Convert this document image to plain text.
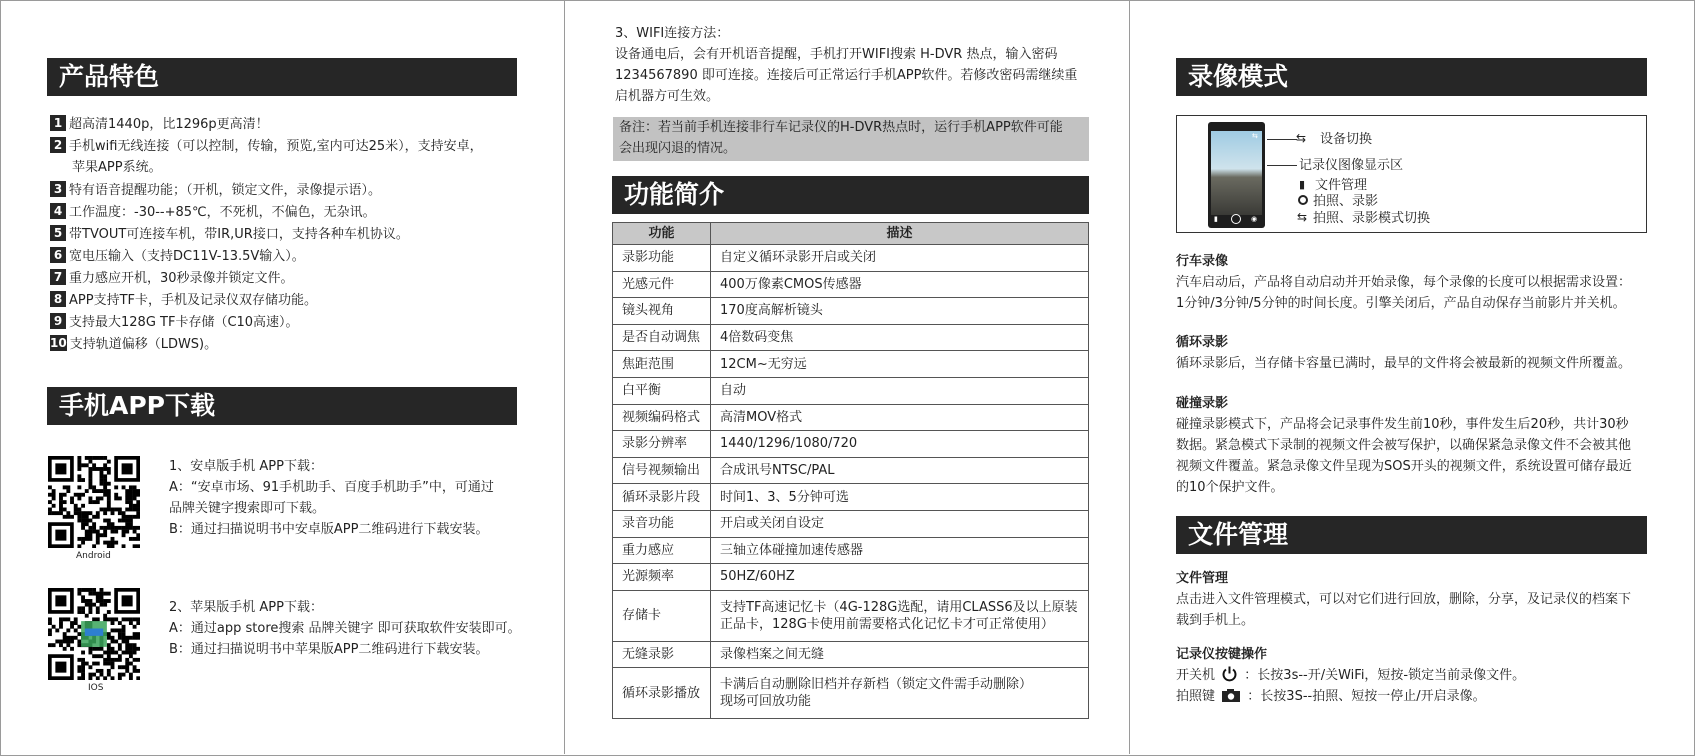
产品特色
1 超高清1440p，比1296p更高清！
2 手机wifi无线连接（可以控制，传输，预览,室内可达25米），支持安卓，
苹果APP系统。
3 特有语音提醒功能；（开机，锁定文件，录像提示语）。
4 工作温度：-30--+85℃，不死机，不偏色，无杂讯。
5 带TVOUT可连接车机，带IR,UR接口，支持各种车机协议。
6 宽电压输入（支持DC11V-13.5V输入）。
7 重力感应开机，30秒录像并锁定文件。
8 APP支持TF卡，手机及记录仪双存储功能。
9 支持最大128G TF卡存储（C10高速）。
10 支持轨道偏移（LDWS)。
手机APP下载
Android
1、安卓版手机 APP下载：
A：“安卓市场、91手机助手、百度手机助手”中，可通过
品牌关键字搜索即可下载。
B：通过扫描说明书中安卓版APP二维码进行下载安装。
IOS
2、苹果版手机 APP下载：
A：通过app store搜索 品牌关键字 即可获取软件安装即可。
B：通过扫描说明书中苹果版APP二维码进行下载安装。
3、WIFI连接方法：
设备通电后，会有开机语音提醒，手机打开WIFI搜索 H-DVR 热点，输入密码
1234567890 即可连接。连接后可正常运行手机APP软件。若修改密码需继续重
启机器方可生效。
备注：若当前手机连接非行车记录仪的H-DVR热点时，运行手机APP软件可能
会出现闪退的情况。
功能简介
功能	描述
录影功能	自定义循环录影开启或关闭

光感元件	400万像素CMOS传感器

镜头视角	170度高解析镜头

是否自动调焦	4倍数码变焦

焦距范围	12CM~无穷远

白平衡	自动

视频编码格式	高清MOV格式

录影分辨率	1440/1296/1080/720

信号视频输出	合成讯号NTSC/PAL

循环录影片段	时间1、3、5分钟可选

录音功能	开启或关闭自设定

重力感应	三轴立体碰撞加速传感器

光源频率	50HZ/60HZ

存储卡	支持TF高速记忆卡（4G-128G选配，请用CLASS6及以上原装
正品卡，128G卡使用前需要格式化记忆卡才可正常使用）

无缝录影	录像档案之间无缝

循环录影播放	卡满后自动删除旧档并存新档（锁定文件需手动删除）
现场可回放功能
录像模式
▮	◉
⇆	⇆ 设备切换
记录仪图像显示区
▮ 文件管理
拍照、录影
⇆ 拍照、录影模式切换
行车录像
汽车启动后，产品将自动启动并开始录像，每个录像的长度可以根据需求设置：
1分钟/3分钟/5分钟的时间长度。引擎关闭后，产品自动保存当前影片并关机。
循环录影
循环录影后，当存储卡容量已满时，最早的文件将会被最新的视频文件所覆盖。
碰撞录影
碰撞录影模式下，产品将会记录事件发生前10秒，事件发生后20秒，共计30秒
数据。紧急模式下录制的视频文件会被写保护，以确保紧急录像文件不会被其他
视频文件覆盖。紧急录像文件呈现为SOS开头的视频文件，系统设置可储存最近
的10个保护文件。
文件管理
文件管理
点击进入文件管理模式，可以对它们进行回放，删除，分享，及记录仪的档案下
载到手机上。
记录仪按键操作
开关机 ：长按3s--开/关WiFi，短按-锁定当前录像文件。
拍照键 ：长按3S--拍照、短按一停止/开启录像。
